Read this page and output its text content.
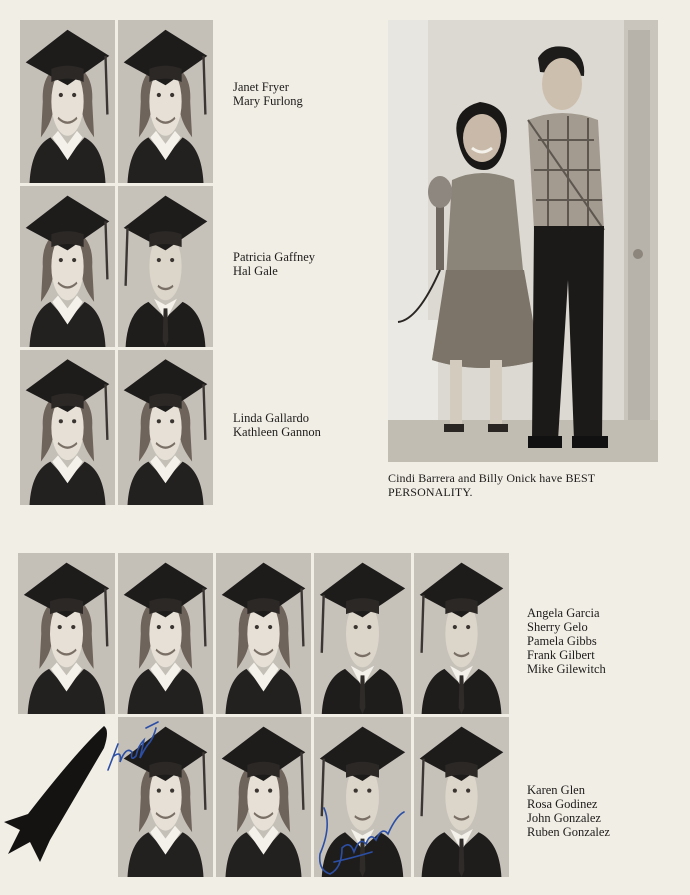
Janet Fryer
Mary Furlong
Patricia Gaffney
Hal Gale
Linda Gallardo
Kathleen Gannon
Cindi Barrera and Billy Onick have BEST PERSONALITY.
Angela Garcia
Sherry Gelo
Pamela Gibbs
Frank Gilbert
Mike Gilewitch
Karen Glen
Rosa Godinez
John Gonzalez
Ruben Gonzalez
